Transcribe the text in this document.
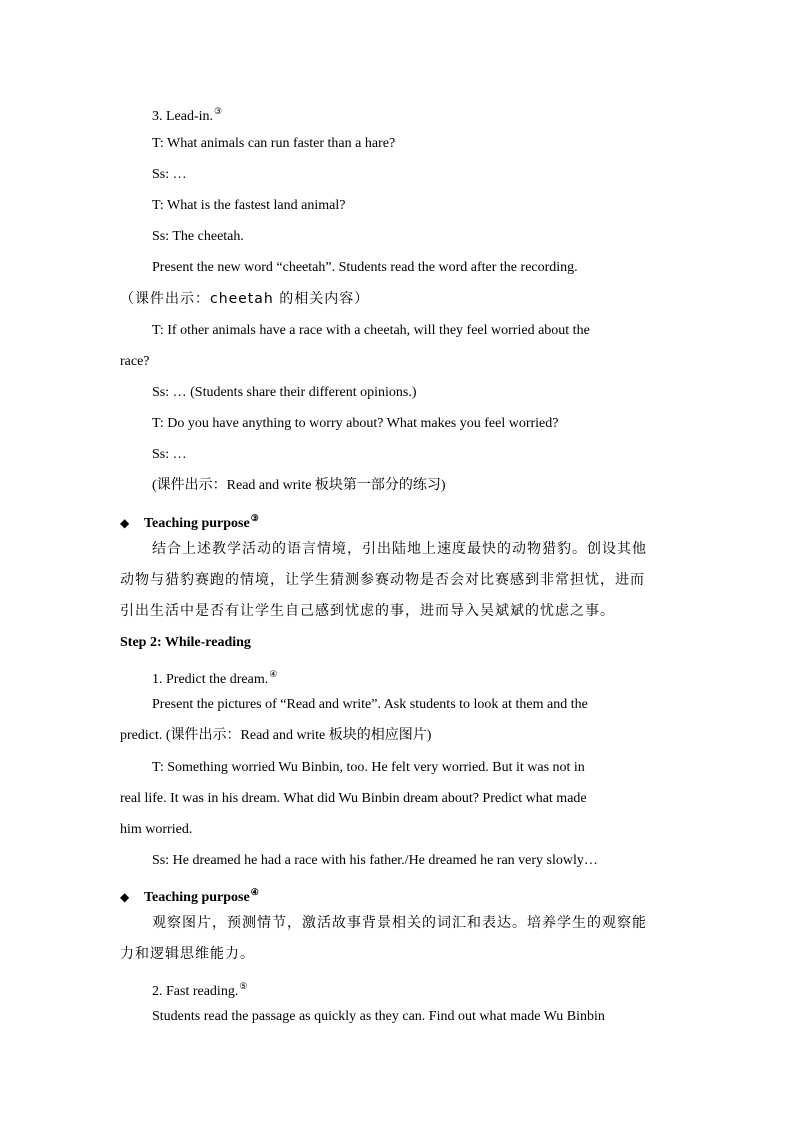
3. Lead-in.③
T: What animals can run faster than a hare?
Ss: …
T: What is the fastest land animal?
Ss: The cheetah.
Present the new word “cheetah”. Students read the word after the recording.
（课件出示：cheetah 的相关内容）
T: If other animals have a race with a cheetah, will they feel worried about the
race?
Ss: … (Students share their different opinions.)
T: Do you have anything to worry about? What makes you feel worried?
Ss: …
(课件出示：Read and write 板块第一部分的练习)
◆ Teaching purpose③
结合上述教学活动的语言情境，引出陆地上速度最快的动物猎豹。创设其他
动物与猎豹赛跑的情境，让学生猜测参赛动物是否会对比赛感到非常担忧，进而
引出生活中是否有让学生自己感到忧虑的事，进而导入吴斌斌的忧虑之事。
Step 2: While-reading
1. Predict the dream.④
Present the pictures of “Read and write”. Ask students to look at them and the
predict. (课件出示：Read and write 板块的相应图片)
T: Something worried Wu Binbin, too. He felt very worried. But it was not in
real life. It was in his dream. What did Wu Binbin dream about? Predict what made
him worried.
Ss: He dreamed he had a race with his father./He dreamed he ran very slowly…
◆ Teaching purpose④
观察图片，预测情节，激活故事背景相关的词汇和表达。培养学生的观察能
力和逻辑思维能力。
2. Fast reading.⑤
Students read the passage as quickly as they can. Find out what made Wu Binbin
